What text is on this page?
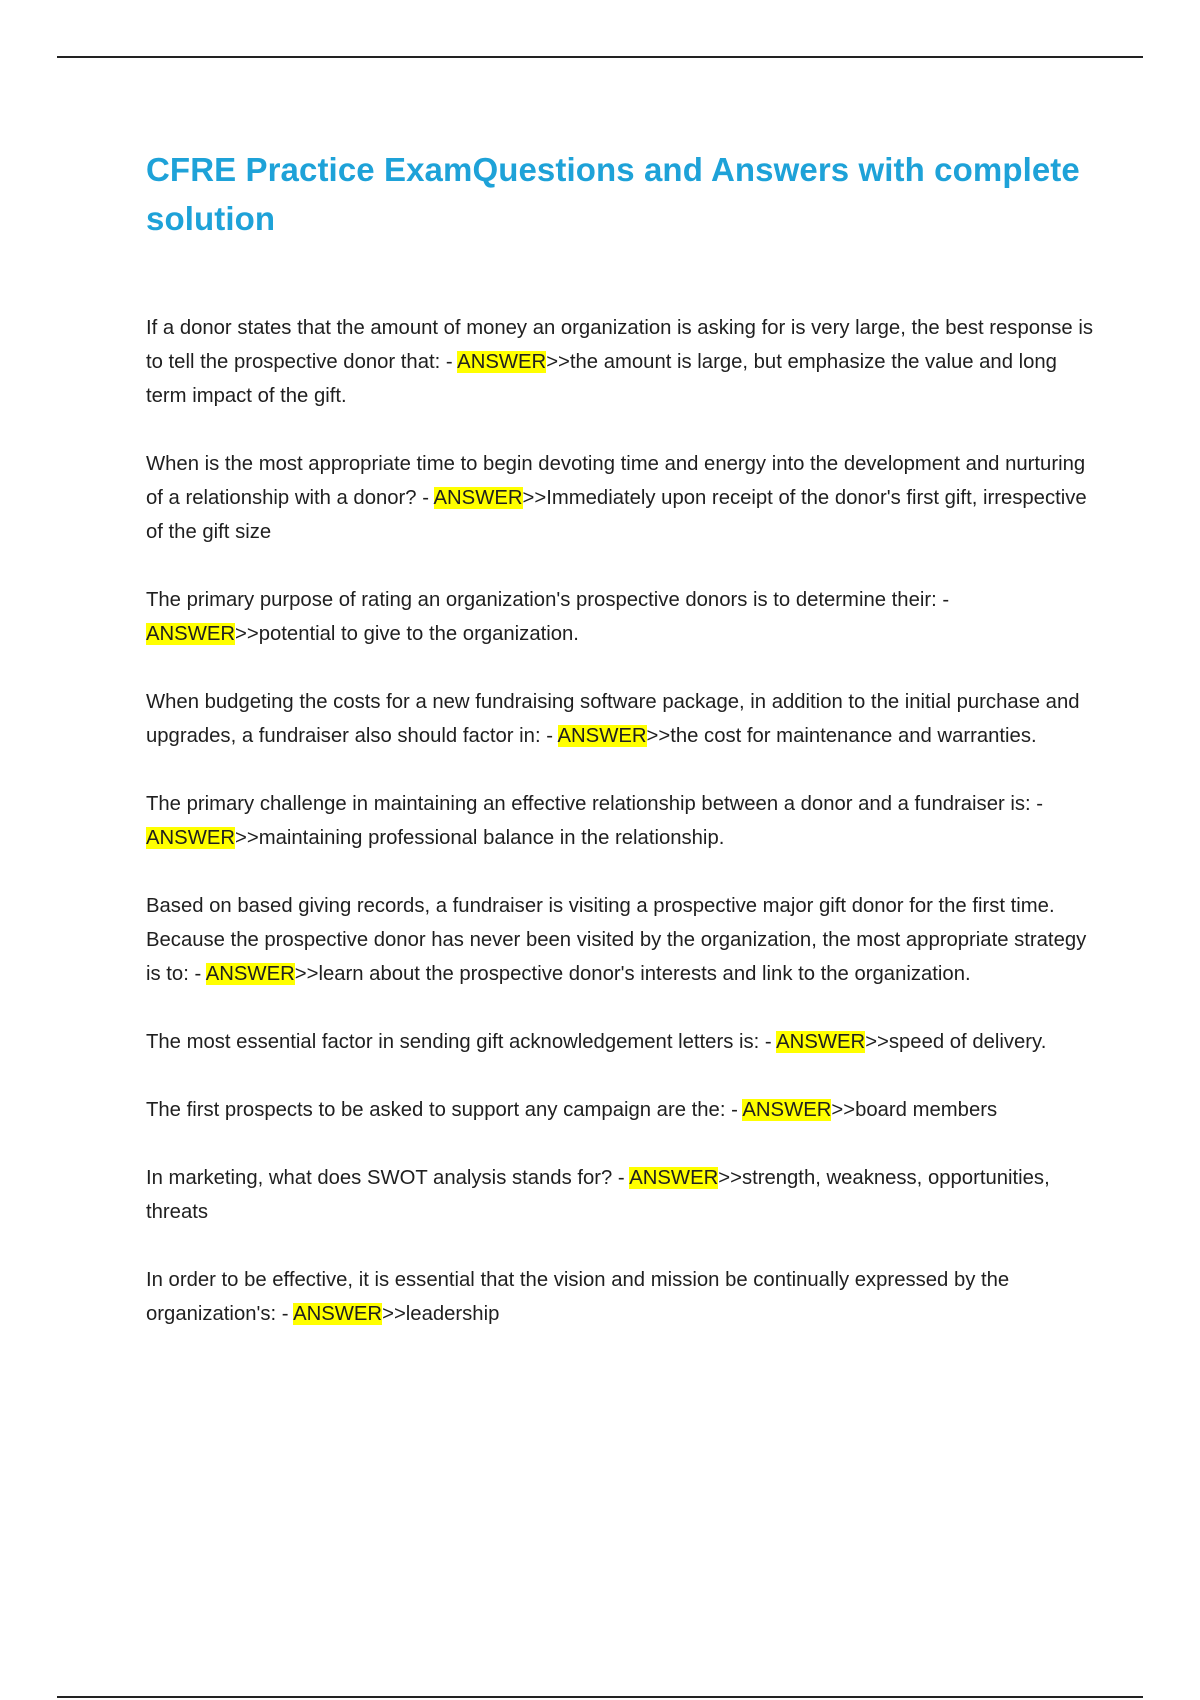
CFRE Practice ExamQuestions and Answers with complete solution

If a donor states that the amount of money an organization is asking for is very large, the best response is to tell the prospective donor that: - ANSWER>>the amount is large, but emphasize the value and long term impact of the gift.

When is the most appropriate time to begin devoting time and energy into the development and nurturing of a relationship with a donor? - ANSWER>>Immediately upon receipt of the donor's first gift, irrespective of the gift size

The primary purpose of rating an organization's prospective donors is to determine their: - ANSWER>>potential to give to the organization.

When budgeting the costs for a new fundraising software package, in addition to the initial purchase and upgrades, a fundraiser also should factor in: - ANSWER>>the cost for maintenance and warranties.

The primary challenge in maintaining an effective relationship between a donor and a fundraiser is: - ANSWER>>maintaining professional balance in the relationship.

Based on based giving records, a fundraiser is visiting a prospective major gift donor for the first time. Because the prospective donor has never been visited by the organization, the most appropriate strategy is to: - ANSWER>>learn about the prospective donor's interests and link to the organization.

The most essential factor in sending gift acknowledgement letters is: - ANSWER>>speed of delivery.

The first prospects to be asked to support any campaign are the: - ANSWER>>board members

In marketing, what does SWOT analysis stands for? - ANSWER>>strength, weakness, opportunities, threats

In order to be effective, it is essential that the vision and mission be continually expressed by the organization's: - ANSWER>>leadership
